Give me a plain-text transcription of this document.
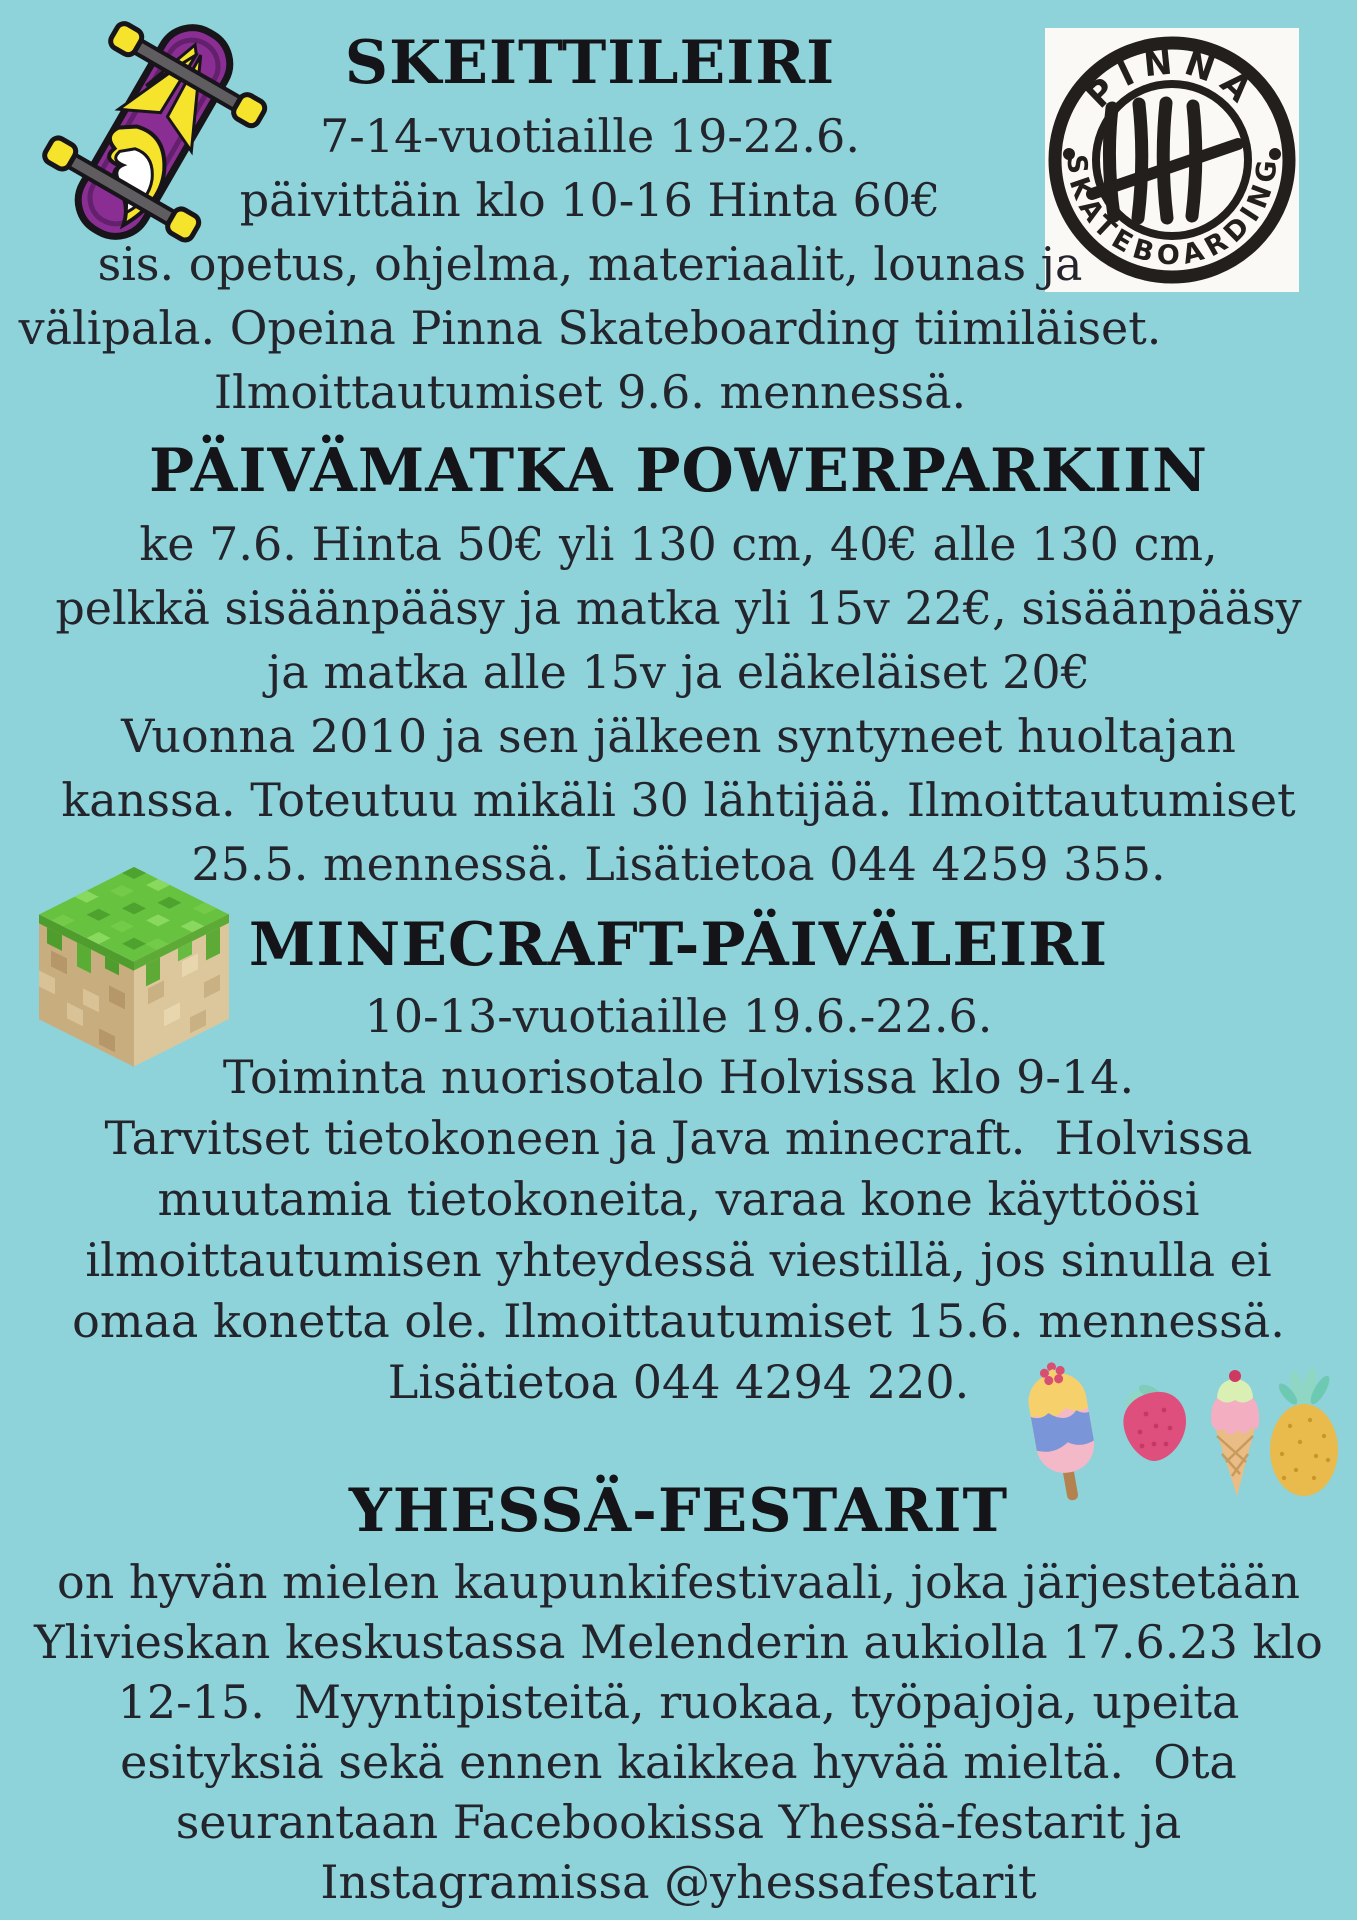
PINNA
SKATEBOARDING
SKEITTILEIRI
7-14-vuotiaille 19-22.6.
päivittäin klo 10-16 Hinta 60€
sis. opetus, ohjelma, materiaalit, lounas ja
välipala. Opeina Pinna Skateboarding tiimiläiset.
Ilmoittautumiset 9.6. mennessä.
PÄIVÄMATKA POWERPARKIIN
ke 7.6. Hinta 50€ yli 130 cm, 40€ alle 130 cm,
pelkkä sisäänpääsy ja matka yli 15v 22€, sisäänpääsy
ja matka alle 15v ja eläkeläiset 20€
Vuonna 2010 ja sen jälkeen syntyneet huoltajan
kanssa. Toteutuu mikäli 30 lähtijää. Ilmoittautumiset
25.5. mennessä. Lisätietoa 044 4259 355.
MINECRAFT-PÄIVÄLEIRI
10-13-vuotiaille 19.6.-22.6.
Toiminta nuorisotalo Holvissa klo 9-14.
Tarvitset tietokoneen ja Java minecraft.  Holvissa
muutamia tietokoneita, varaa kone käyttöösi
ilmoittautumisen yhteydessä viestillä, jos sinulla ei
omaa konetta ole. Ilmoittautumiset 15.6. mennessä.
Lisätietoa 044 4294 220.
YHESSÄ-FESTARIT
on hyvän mielen kaupunkifestivaali, joka järjestetään
Ylivieskan keskustassa Melenderin aukiolla 17.6.23 klo
12-15.  Myyntipisteitä, ruokaa, työpajoja, upeita
esityksiä sekä ennen kaikkea hyvää mieltä.  Ota
seurantaan Facebookissa Yhessä-festarit ja
Instagramissa @yhessafestarit
